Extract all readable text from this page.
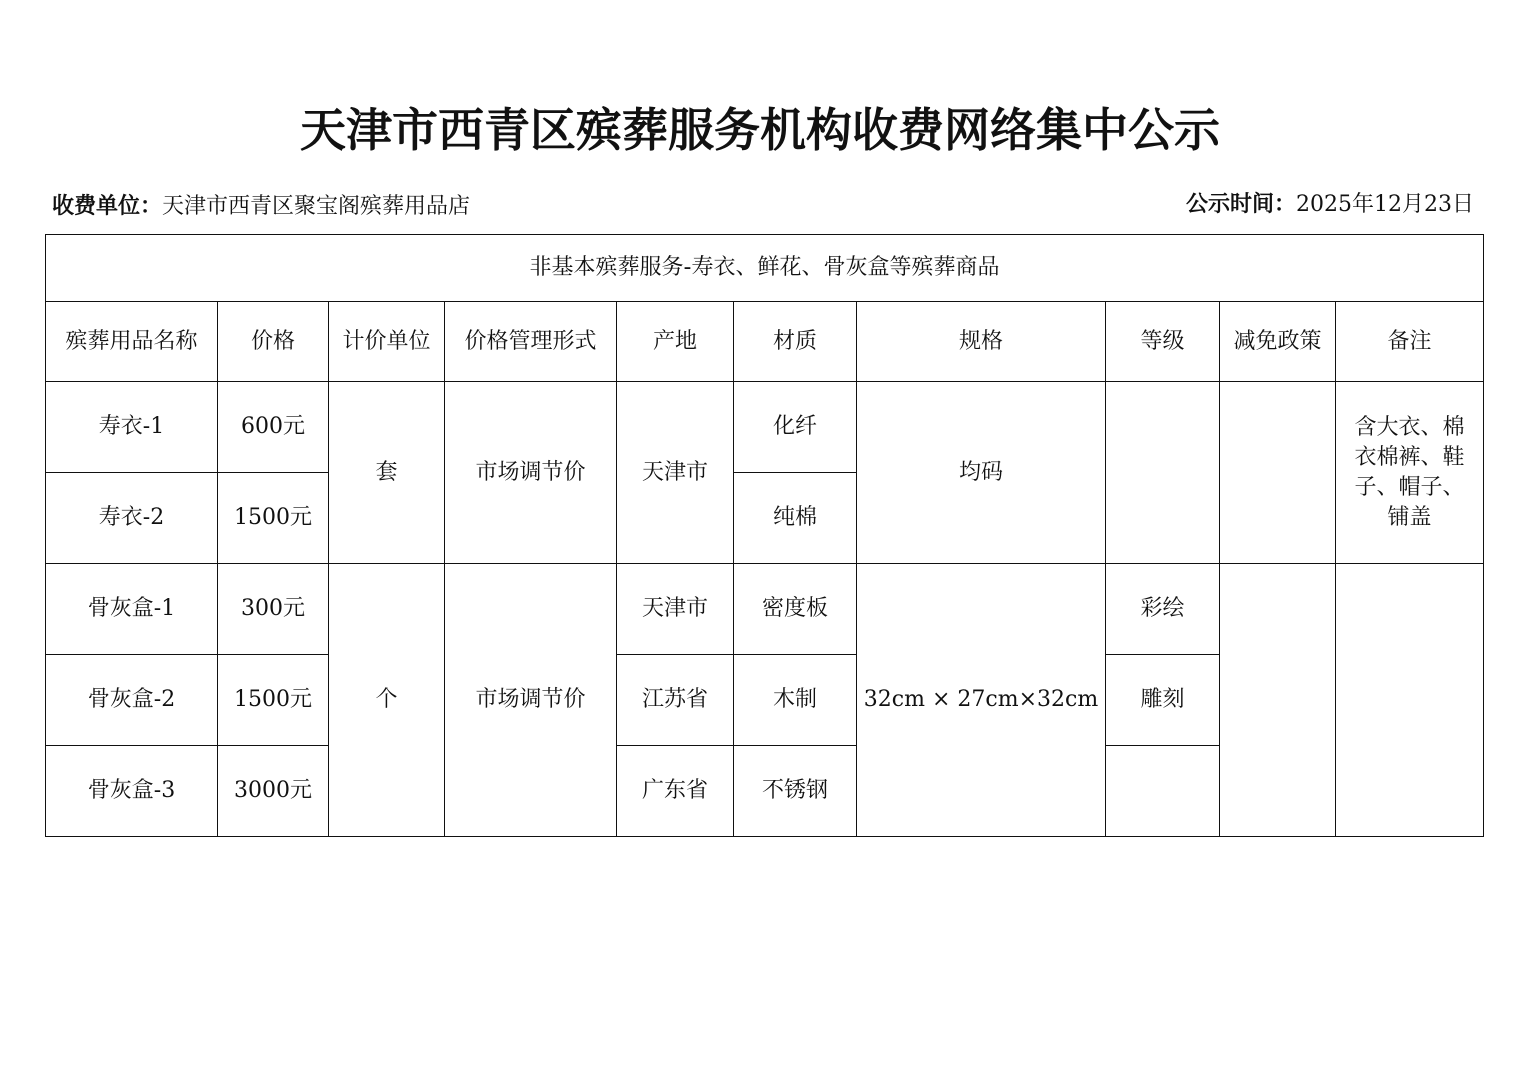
天津市西青区殡葬服务机构收费网络集中公示
收费单位：天津市西青区聚宝阁殡葬用品店	公示时间：2025年12月23日
非基本殡葬服务-寿衣、鲜花、骨灰盒等殡葬商品									
殡葬用品名称	价格	计价单位	价格管理形式	产地	材质	规格	等级	减免政策	备注
寿衣-1	600元	套	市场调节价	天津市	化纤	均码			含大衣、棉衣棉裤、鞋子、帽子、铺盖
寿衣-2	1500元				纯棉				
骨灰盒-1	300元	个	市场调节价	天津市	密度板	32cm × 27cm×32cm	彩绘		
骨灰盒-2	1500元			江苏省	木制		雕刻		
骨灰盒-3	3000元			广东省	不锈钢				
